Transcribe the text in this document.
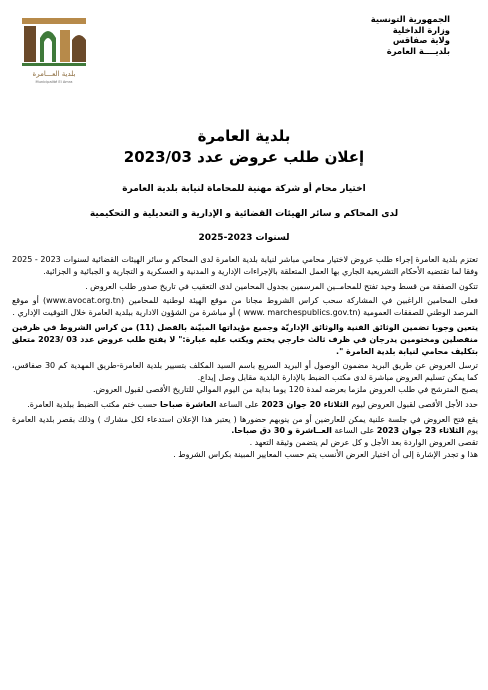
الجمهورية التونسية
وزارة الداخلية
ولاية صفاقس
بلديــــة العامرة
بلدية العـــامرة
Municipalité El Amra
بلدية العامرة
إعلان طلب عروض عدد 2023/03
اختيار محام أو شركة مهنية للمحاماة لنيابة بلدية العامرة
لدى المحاكم و سائر الهيئات القضائية و الإدارية و التعديلية و التحكيمية
لسنوات 2023-2025

تعتزم بلدية العامرة إجراء طلب عروض لاختيار محامي مباشر لنيابة بلدية العامرة لدى المحاكم و سائر الهيئات القضائية لسنوات 2023 - 2025 وفقا لما تقتضيه الأحكام التشريعية الجاري بها العمل المتعلقة بالإجراءات الإدارية و المدنية و العسكرية و التجارية و الجبائية و الجزائية.

تتكون الصفقة من قسط وحيد تفتح للمحامــين المرسمين بجدول المحامين لدى التعقيب في تاريخ صدور طلب العروض .

فعلى المحامين الراغبين في المشاركة سحب كراس الشروط مجانا من موقع الهيئة لوطنية للمحامين (www.avocat.org.tn) أو موقع المرصد الوطني للصفقات العمومية ( www. marchespublics.gov.tn) أو مباشرة من الشؤون الادارية ببلدية العامرة خلال التوقيت الإداري .

يتعين وجوبا تضمين الوثائق الفنية والوثائق الإداريّة وجميع مؤيداتها المبيّنة بالفصل (11) من كراس الشروط في ظرفين منفصلين ومختومين يدرجان في ظرف ثالث خارجي يختم ويكتب عليه عبارة:" لا يفتح طلب عروض عدد 03 /2023 متعلق بتكليف محامي لنيابة بلدية العامرة ".

ترسل العروض عن طريق البريد مضمون الوصول أو البريد السريع باسم السيد المكلف بتسيير بلدية العامرة-طريق المهدية كم 30 صفاقس، كما يمكن تسليم العروض مباشرة لدى مكتب الضبط بالإدارة البلدية مقابل وصل إيداع.

يصبح المترشح في طلب العروض ملزما بعرضه لمدة 120 يوما بداية من اليوم الموالي للتاريخ الأقصى لقبول العروض.

حدد الأجل الأقصى لقبول العروض ليوم الثلاثاء 20 جوان 2023 على الساعة العاشرة صباحا حسب ختم مكتب الضبط ببلدية العامرة.

يقع فتح العروض في جلسة علنية يمكن للعارضين أو من ينوبهم حضورها ( يعتبر هذا الإعلان استدعاء لكل مشارك ) وذلك بقصر بلدية العامرة يوم الثلاثاء 23 جوان 2023 على الساعة العــاشرة و 30 دق صباحا.

تقصى العروض الواردة بعد الأجل و كل عرض لم يتضمن وثيقة التعهد .

هذا و تجدر الإشارة إلى أن اختيار العرض الأنسب يتم حسب المعايير المبينة بكراس الشروط .
